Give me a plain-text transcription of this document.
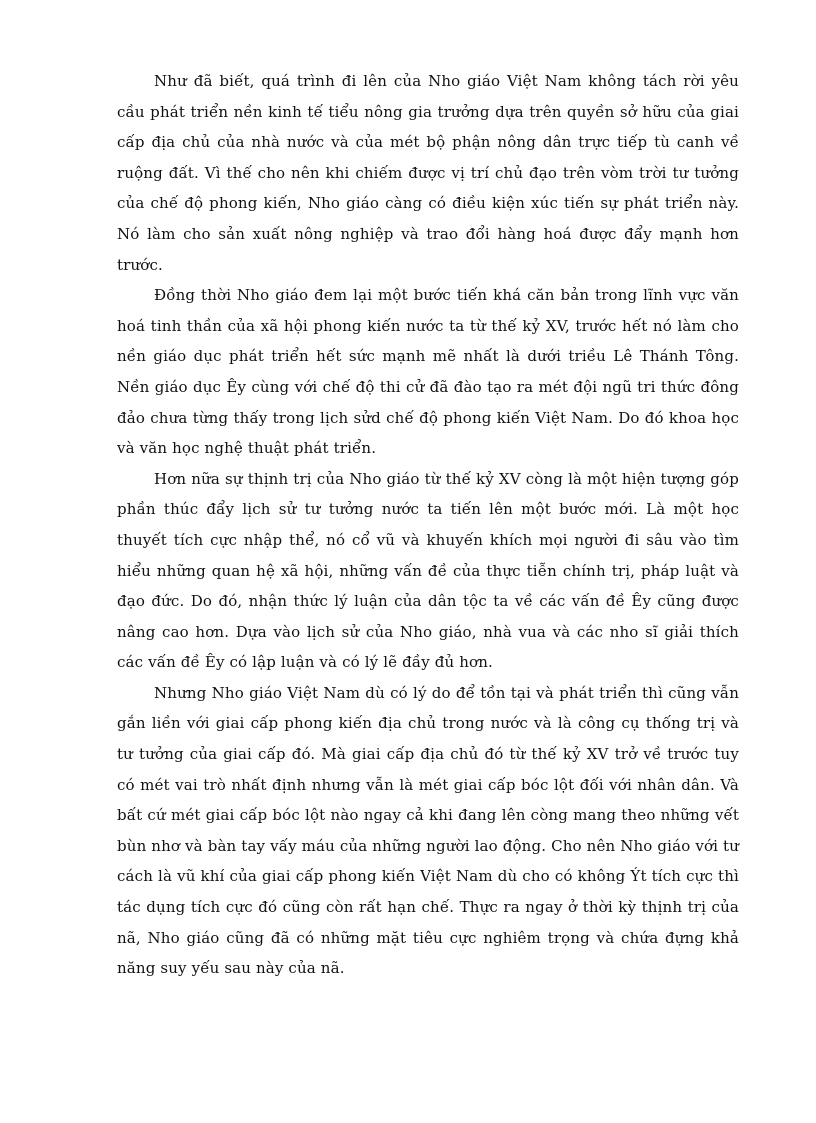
Như đã biết, quá trình đi lên của Nho giáo Việt Nam không tách rời yêu cầu phát triển nền kinh tế tiểu nông gia trưởng dựa trên quyền sở hữu của giai cấp địa chủ của nhà nước và của mét bộ phận nông dân trực tiếp tù canh về ruộng đất. Vì thế cho nên khi chiếm được vị trí chủ đạo trên vòm trời tư tưởng của chế độ phong kiến, Nho giáo càng có điều kiện xúc tiến sự phát triển này. Nó làm cho sản xuất nông nghiệp và trao đổi hàng hoá được đẩy mạnh hơn trước.

Đồng thời Nho giáo đem lại một bước tiến khá căn bản trong lĩnh vực văn hoá tinh thần của xã hội phong kiến nước ta từ thế kỷ XV, trước hết nó làm cho nền giáo dục phát triển hết sức mạnh mẽ nhất là dưới triều Lê Thánh Tông. Nền giáo dục Êy cùng với chế độ thi cử đã đào tạo ra mét đội ngũ tri thức đông đảo chưa từng thấy trong lịch sửd chế độ phong kiến Việt Nam. Do đó khoa học và văn học nghệ thuật phát triển.

Hơn nữa sự thịnh trị của Nho giáo từ thế kỷ XV còng là một hiện tượng góp phần thúc đẩy lịch sử tư tưởng nước ta tiến lên một bước mới. Là một học thuyết tích cực nhập thể, nó cổ vũ và khuyến khích mọi người đi sâu vào tìm hiểu những quan hệ xã hội, những vấn đề của thực tiễn chính trị, pháp luật và đạo đức. Do đó, nhận thức lý luận của dân tộc ta về các vấn đề Êy cũng được nâng cao hơn. Dựa vào lịch sử của Nho giáo, nhà vua và các nho sĩ giải thích các vấn đề Êy có lập luận và có lý lẽ đầy đủ hơn.

Nhưng Nho giáo Việt Nam dù có lý do để tồn tại và phát triển thì cũng vẫn gắn liền với giai cấp phong kiến địa chủ trong nước và là công cụ thống trị và tư tưởng của giai cấp đó. Mà giai cấp địa chủ đó từ thế kỷ XV trở về trước tuy có mét vai trò nhất định nhưng vẫn là mét giai cấp bóc lột đối với nhân dân. Và bất cứ mét giai cấp bóc lột nào ngay cả khi đang lên còng mang theo những vết bùn nhơ và bàn tay vấy máu của những người lao động. Cho nên Nho giáo với tư cách là vũ khí của giai cấp phong kiến Việt Nam dù cho có không Ýt tích cực thì tác dụng tích cực đó cũng còn rất hạn chế. Thực ra ngay ở thời kỳ thịnh trị của nã, Nho giáo cũng đã có những mặt tiêu cực nghiêm trọng và chứa đựng khả năng suy yếu sau này của nã.
